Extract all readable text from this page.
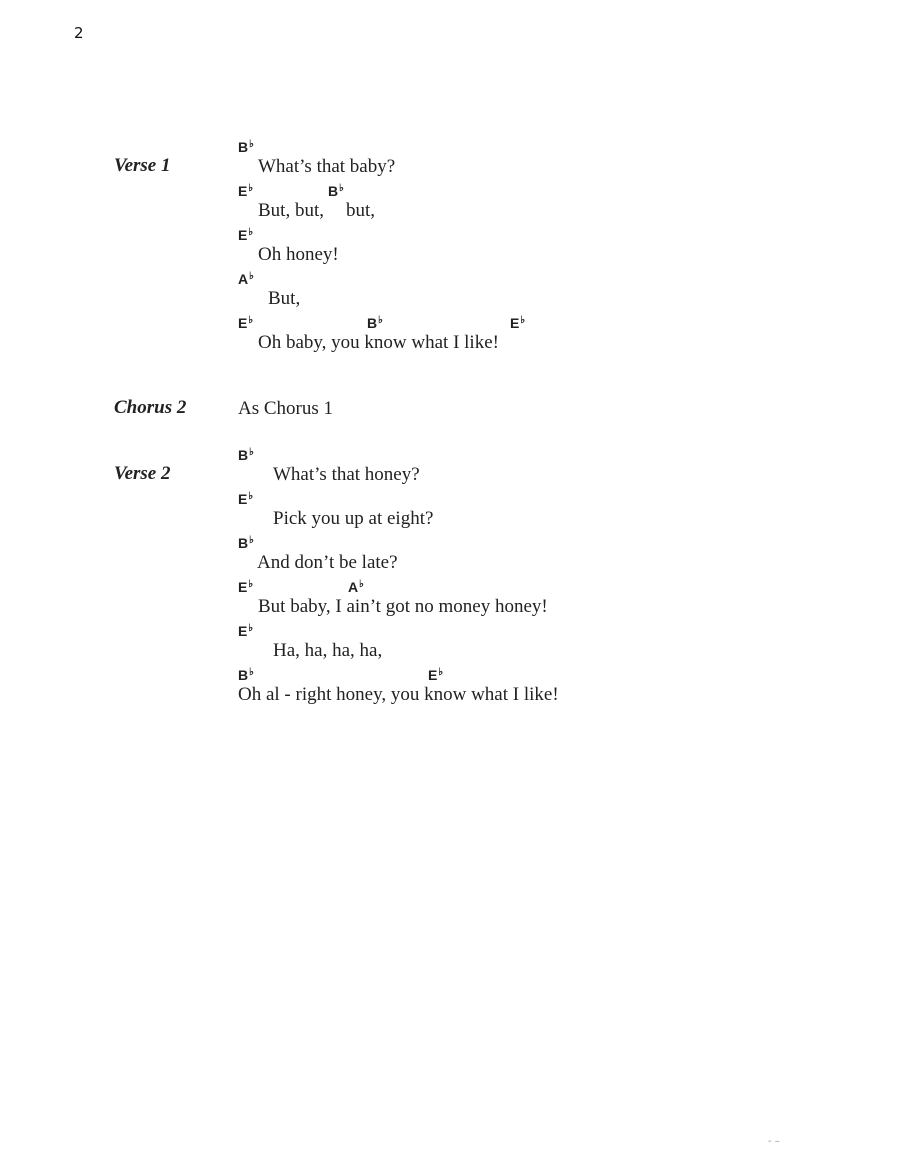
2
Verse 1
B♭
What’s that baby?
E♭	B♭
But, but, but,
E♭
Oh honey!
A♭
But,
E♭	B♭	E♭
Oh baby, you know what I like!
Chorus 2	As Chorus 1
Verse 2
B♭
What’s that honey?
E♭
Pick you up at eight?
B♭
And don’t be late?
E♭	A♭
But baby, I ain’t got no money honey!
E♭
Ha, ha, ha, ha,
B♭	E♭
Oh al - right honey, you know what I like!
- –
